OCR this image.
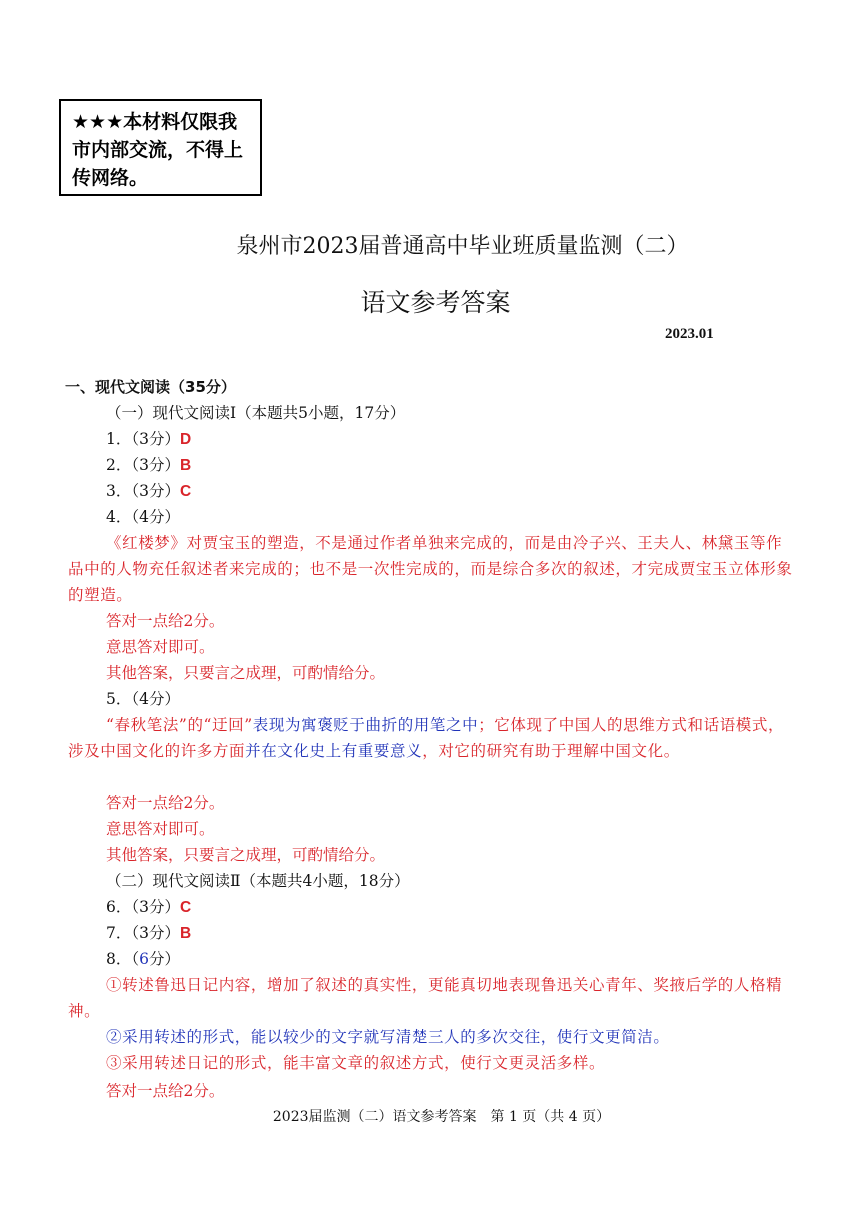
★★★本材料仅限我市内部交流，不得上传网络。
泉州市2023届普通高中毕业班质量监测（二）
语文参考答案
2023.01
一、现代文阅读（35分）
（一）现代文阅读Ⅰ（本题共5小题，17分）
1．（3分）D
2．（3分）B
3．（3分）C
4．（4分）
《红楼梦》对贾宝玉的塑造，不是通过作者单独来完成的，而是由冷子兴、王夫人、林黛玉等作品中的人物充任叙述者来完成的；也不是一次性完成的，而是综合多次的叙述，才完成贾宝玉立体形象的塑造。
答对一点给2分。
意思答对即可。
其他答案，只要言之成理，可酌情给分。
5．（4分）
“春秋笔法”的“迂回”表现为寓褒贬于曲折的用笔之中；它体现了中国人的思维方式和话语模式，涉及中国文化的许多方面并在文化史上有重要意义，对它的研究有助于理解中国文化。
答对一点给2分。
意思答对即可。
其他答案，只要言之成理，可酌情给分。
（二）现代文阅读Ⅱ（本题共4小题，18分）
6．（3分）C
7．（3分）B
8．（6分）
①转述鲁迅日记内容，增加了叙述的真实性，更能真切地表现鲁迅关心青年、奖掖后学的人格精神。
②采用转述的形式，能以较少的文字就写清楚三人的多次交往，使行文更简洁。
③采用转述日记的形式，能丰富文章的叙述方式，使行文更灵活多样。
答对一点给2分。
2023届监测（二）语文参考答案　第 1 页（共 4 页）
